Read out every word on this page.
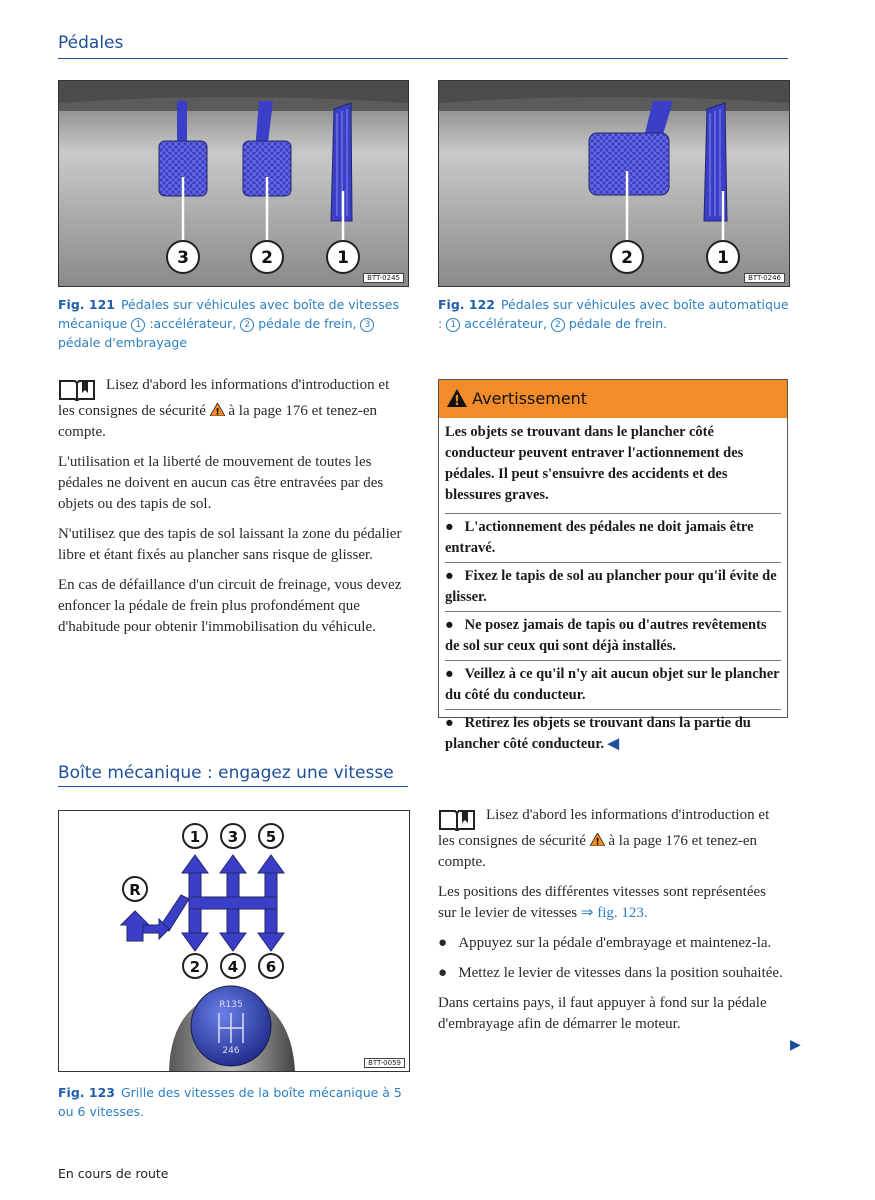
Pédales
3	2	1
BTT-0245
Fig. 121 Pédales sur véhicules avec boîte de vitesses mécanique 1 :accélérateur, 2 pédale de frein, 3 pédale d'embrayage
2	1
BTT-0246
Fig. 122 Pédales sur véhicules avec boîte automatique : 1 accélérateur, 2 pédale de frein.

Lisez d'abord les informations d'introduction et les consignes de sécurité ! à la page 176 et tenez-en compte.

L'utilisation et la liberté de mouvement de toutes les pédales ne doivent en aucun cas être entravées par des objets ou des tapis de sol.

N'utilisez que des tapis de sol laissant la zone du pédalier libre et étant fixés au plancher sans risque de glisser.

En cas de défaillance d'un circuit de freinage, vous devez enfoncer la pédale de frein plus profondément que d'habitude pour obtenir l'immobilisation du véhicule.

! Avertissement
Les objets se trouvant dans le plancher côté conducteur peuvent entraver l'actionnement des pédales. Il peut s'ensuivre des accidents et des blessures graves.
● L'actionnement des pédales ne doit jamais être entravé.
● Fixez le tapis de sol au plancher pour qu'il évite de glisser.
● Ne posez jamais de tapis ou d'autres revêtements de sol sur ceux qui sont déjà installés.
● Veillez à ce qu'il n'y ait aucun objet sur le plancher du côté du conducteur.
● Retirez les objets se trouvant dans la partie du plancher côté conducteur. ◀
Boîte mécanique : engagez une vitesse
1 3 5
2 4 6
R
R135
246
BTT-0059
Fig. 123 Grille des vitesses de la boîte mécanique à 5 ou 6 vitesses.

Lisez d'abord les informations d'introduction et les consignes de sécurité ! à la page 176 et tenez-en compte.

Les positions des différentes vitesses sont représentées sur le levier de vitesses ⇒ fig. 123.

● Appuyez sur la pédale d'embrayage et maintenez-la.

● Mettez le levier de vitesses dans la position souhaitée.

Dans certains pays, il faut appuyer à fond sur la pédale d'embrayage afin de démarrer le moteur.

▶
En cours de route
